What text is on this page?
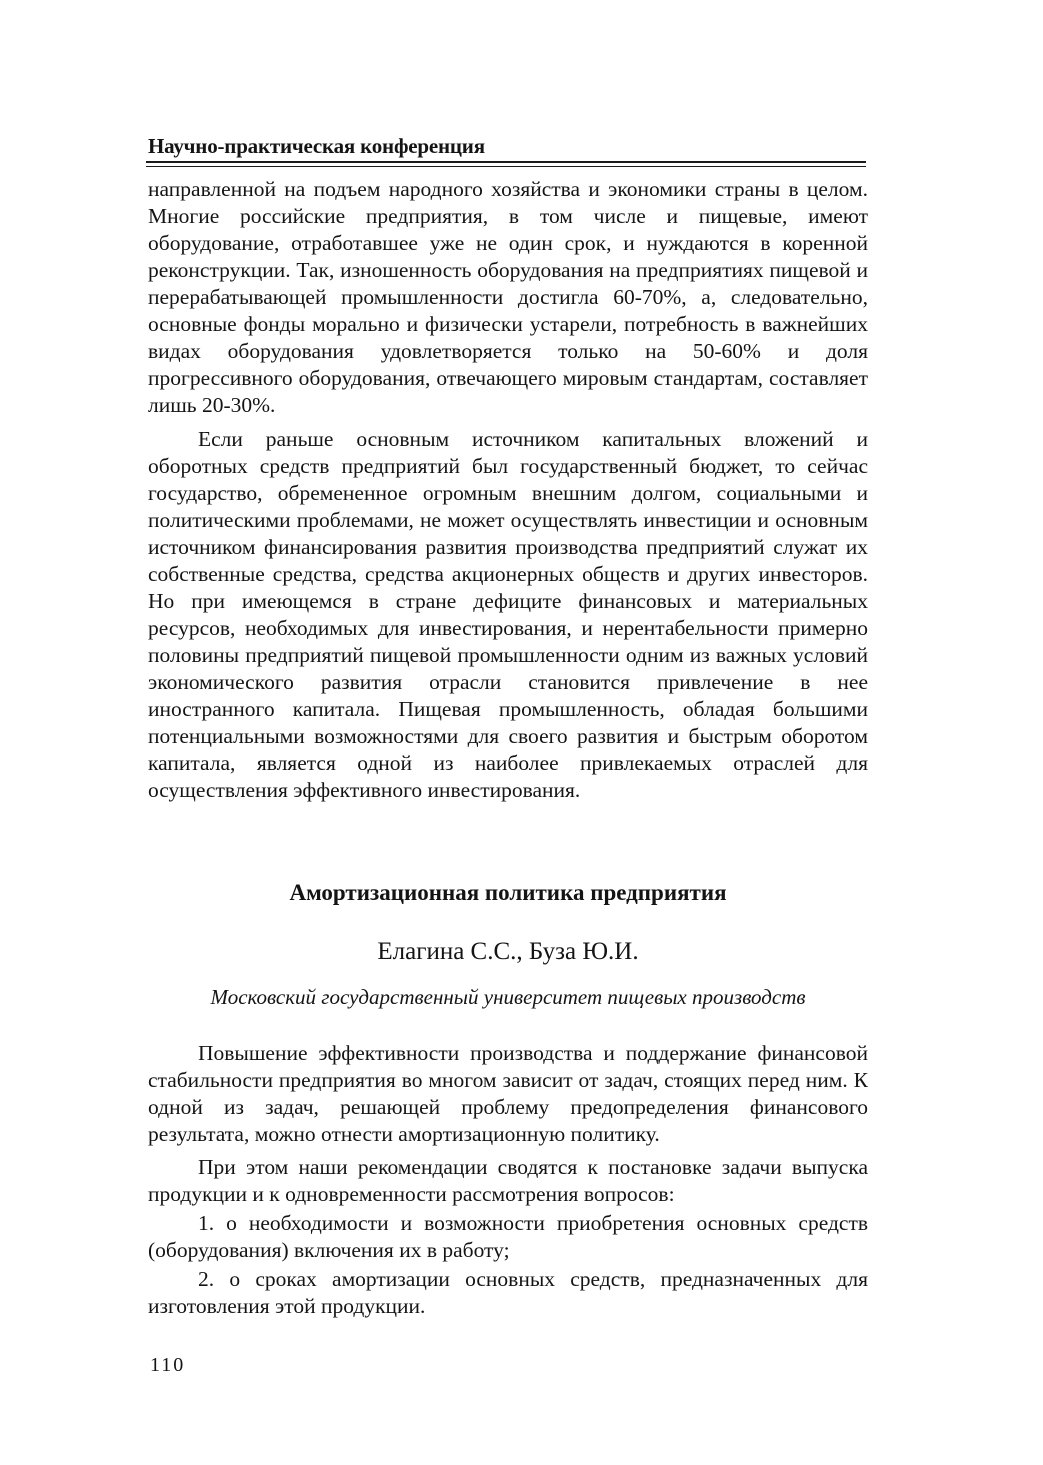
Научно-практическая конференция

направленной на подъем народного хозяйства и экономики страны в целом. Многие российские предприятия, в том числе и пищевые, имеют оборудование, отработавшее уже не один срок, и нуждаются в коренной реконструкции. Так, изношенность оборудования на предприятиях пищевой и перерабатывающей промышленности достигла 60-70%, а, следовательно, основные фонды морально и физически устарели, потребность в важнейших видах оборудования удовлетворяется только на 50-60% и доля прогрессивного оборудования, отвечающего мировым стандартам, составляет лишь 20-30%.

Если раньше основным источником капитальных вложений и оборотных средств предприятий был государственный бюджет, то сейчас государство, обремененное огромным внешним долгом, социальными и политическими проблемами, не может осуществлять инвестиции и основным источником финансирования развития производства предприятий служат их собственные средства, средства акционерных обществ и других инвесторов. Но при имеющемся в стране дефиците финансовых и материальных ресурсов, необходимых для инвестирования, и нерентабельности примерно половины предприятий пищевой промышленности одним из важных условий экономического развития отрасли становится привлечение в нее иностранного капитала. Пищевая промышленность, обладая большими потенциальными возможностями для своего развития и быстрым оборотом капитала, является одной из наиболее привлекаемых отраслей для осуществления эффективного инвестирования.

Амортизационная политика предприятия
Елагина С.С., Буза Ю.И.
Московский государственный университет пищевых производств

Повышение эффективности производства и поддержание финансовой стабильности предприятия во многом зависит от задач, стоящих перед ним. К одной из задач, решающей проблему предопределения финансового результата, можно отнести амортизационную политику.

При этом наши рекомендации сводятся к постановке задачи выпуска продукции и к одновременности рассмотрения вопросов:

1. о необходимости и возможности приобретения основных средств (оборудования) включения их в работу;

2. о сроках амортизации основных средств, предназначенных для изготовления этой продукции.

110
